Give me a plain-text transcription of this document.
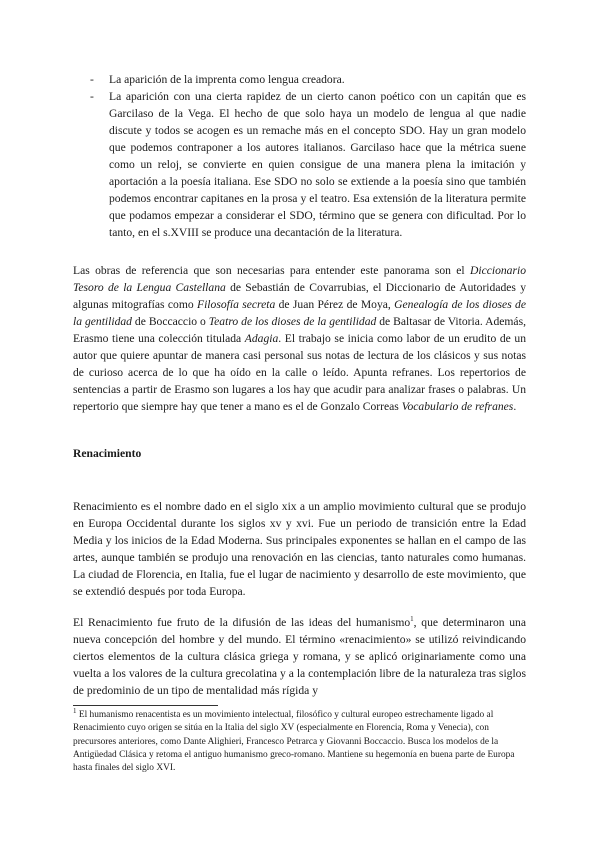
- La aparición de la imprenta como lengua creadora.
- La aparición con una cierta rapidez de un cierto canon poético con un capitán que es Garcilaso de la Vega. El hecho de que solo haya un modelo de lengua al que nadie discute y todos se acogen es un remache más en el concepto SDO. Hay un gran modelo que podemos contraponer a los autores italianos. Garcilaso hace que la métrica suene como un reloj, se convierte en quien consigue de una manera plena la imitación y aportación a la poesía italiana. Ese SDO no solo se extiende a la poesía sino que también podemos encontrar capitanes en la prosa y el teatro. Esa extensión de la literatura permite que podamos empezar a considerar el SDO, término que se genera con dificultad. Por lo tanto, en el s.XVIII se produce una decantación de la literatura.

Las obras de referencia que son necesarias para entender este panorama son el Diccionario Tesoro de la Lengua Castellana de Sebastián de Covarrubias, el Diccionario de Autoridades y algunas mitografías como Filosofía secreta de Juan Pérez de Moya, Genealogía de los dioses de la gentilidad de Boccaccio o Teatro de los dioses de la gentilidad de Baltasar de Vitoria. Además, Erasmo tiene una colección titulada Adagia. El trabajo se inicia como labor de un erudito de un autor que quiere apuntar de manera casi personal sus notas de lectura de los clásicos y sus notas de curioso acerca de lo que ha oído en la calle o leído. Apunta refranes. Los repertorios de sentencias a partir de Erasmo son lugares a los hay que acudir para analizar frases o palabras. Un repertorio que siempre hay que tener a mano es el de Gonzalo Correas Vocabulario de refranes.

Renacimiento

Renacimiento es el nombre dado en el siglo xix a un amplio movimiento cultural que se produjo en Europa Occidental durante los siglos xv y xvi. Fue un periodo de transición entre la Edad Media y los inicios de la Edad Moderna. Sus principales exponentes se hallan en el campo de las artes, aunque también se produjo una renovación en las ciencias, tanto naturales como humanas. La ciudad de Florencia, en Italia, fue el lugar de nacimiento y desarrollo de este movimiento, que se extendió después por toda Europa.

El Renacimiento fue fruto de la difusión de las ideas del humanismo$^1$, que determinaron una nueva concepción del hombre y del mundo. El término «renacimiento» se utilizó reivindicando ciertos elementos de la cultura clásica griega y romana, y se aplicó originariamente como una vuelta a los valores de la cultura grecolatina y a la contemplación libre de la naturaleza tras siglos de predominio de un tipo de mentalidad más rígida y

$^1$ El humanismo renacentista es un movimiento intelectual, filosófico y cultural europeo estrechamente ligado al Renacimiento cuyo origen se sitúa en la Italia del siglo XV (especialmente en Florencia, Roma y Venecia), con precursores anteriores, como Dante Alighieri, Francesco Petrarca y Giovanni Boccaccio. Busca los modelos de la Antigüedad Clásica y retoma el antiguo humanismo greco-romano. Mantiene su hegemonía en buena parte de Europa hasta finales del siglo XVI.
